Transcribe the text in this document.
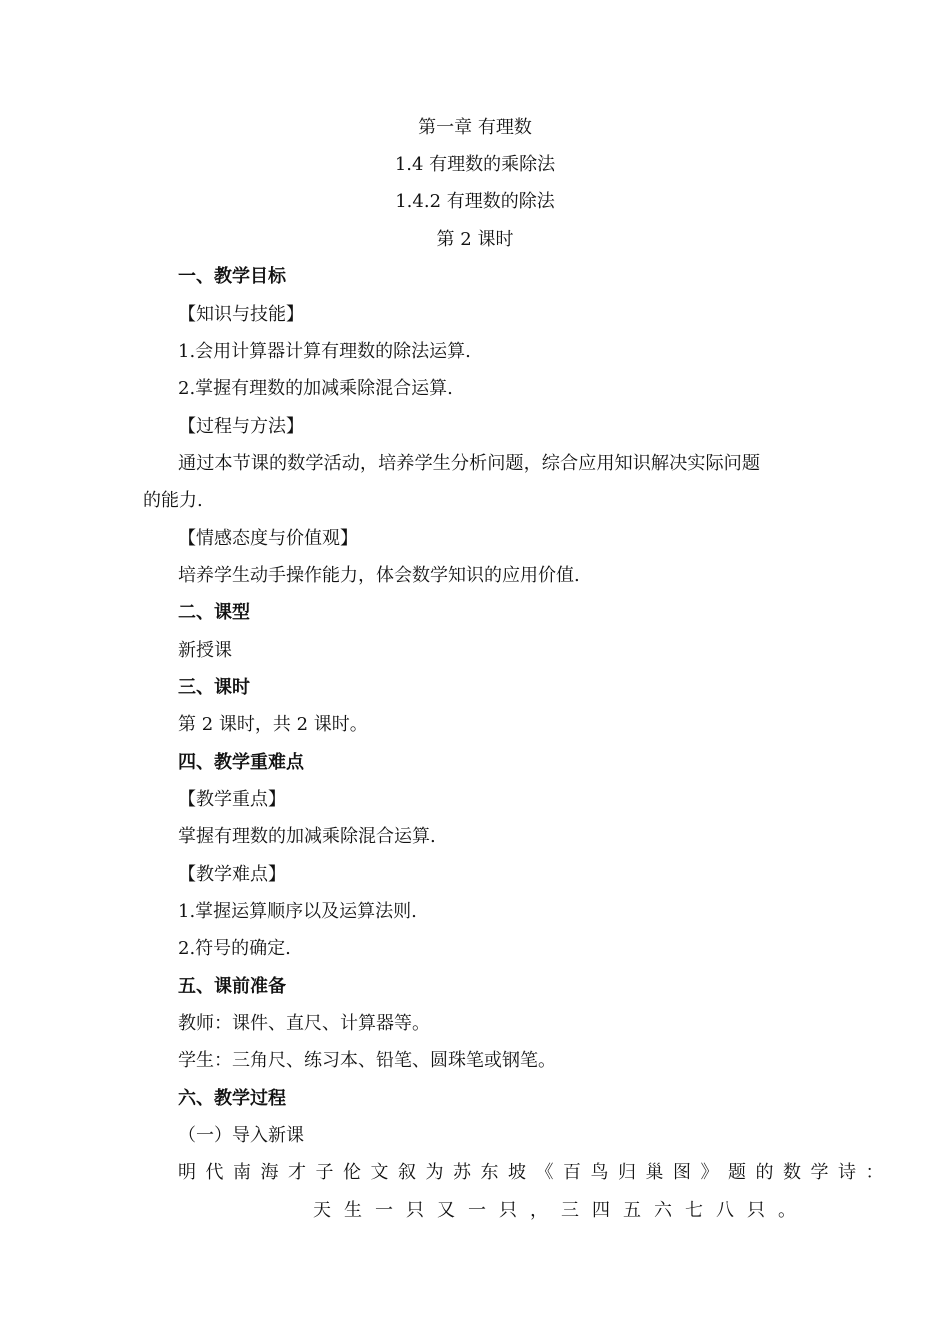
第一章 有理数
1.4 有理数的乘除法
1.4.2 有理数的除法
第 2 课时
一、教学目标
【知识与技能】
1.会用计算器计算有理数的除法运算.
2.掌握有理数的加减乘除混合运算.
【过程与方法】
通过本节课的数学活动，培养学生分析问题，综合应用知识解决实际问题
的能力.
【情感态度与价值观】
培养学生动手操作能力，体会数学知识的应用价值.
二、课型
新授课
三、课时
第 2 课时，共 2 课时。
四、教学重难点
【教学重点】
掌握有理数的加减乘除混合运算.
【教学难点】
1.掌握运算顺序以及运算法则.
2.符号的确定.
五、课前准备
教师：课件、直尺、计算器等。
学生：三角尺、练习本、铅笔、圆珠笔或钢笔。
六、教学过程
（一）导入新课
明代南海才子伦文叙为苏东坡《百鸟归巢图》题的数学诗：
天生一只又一只，三四五六七八只。
